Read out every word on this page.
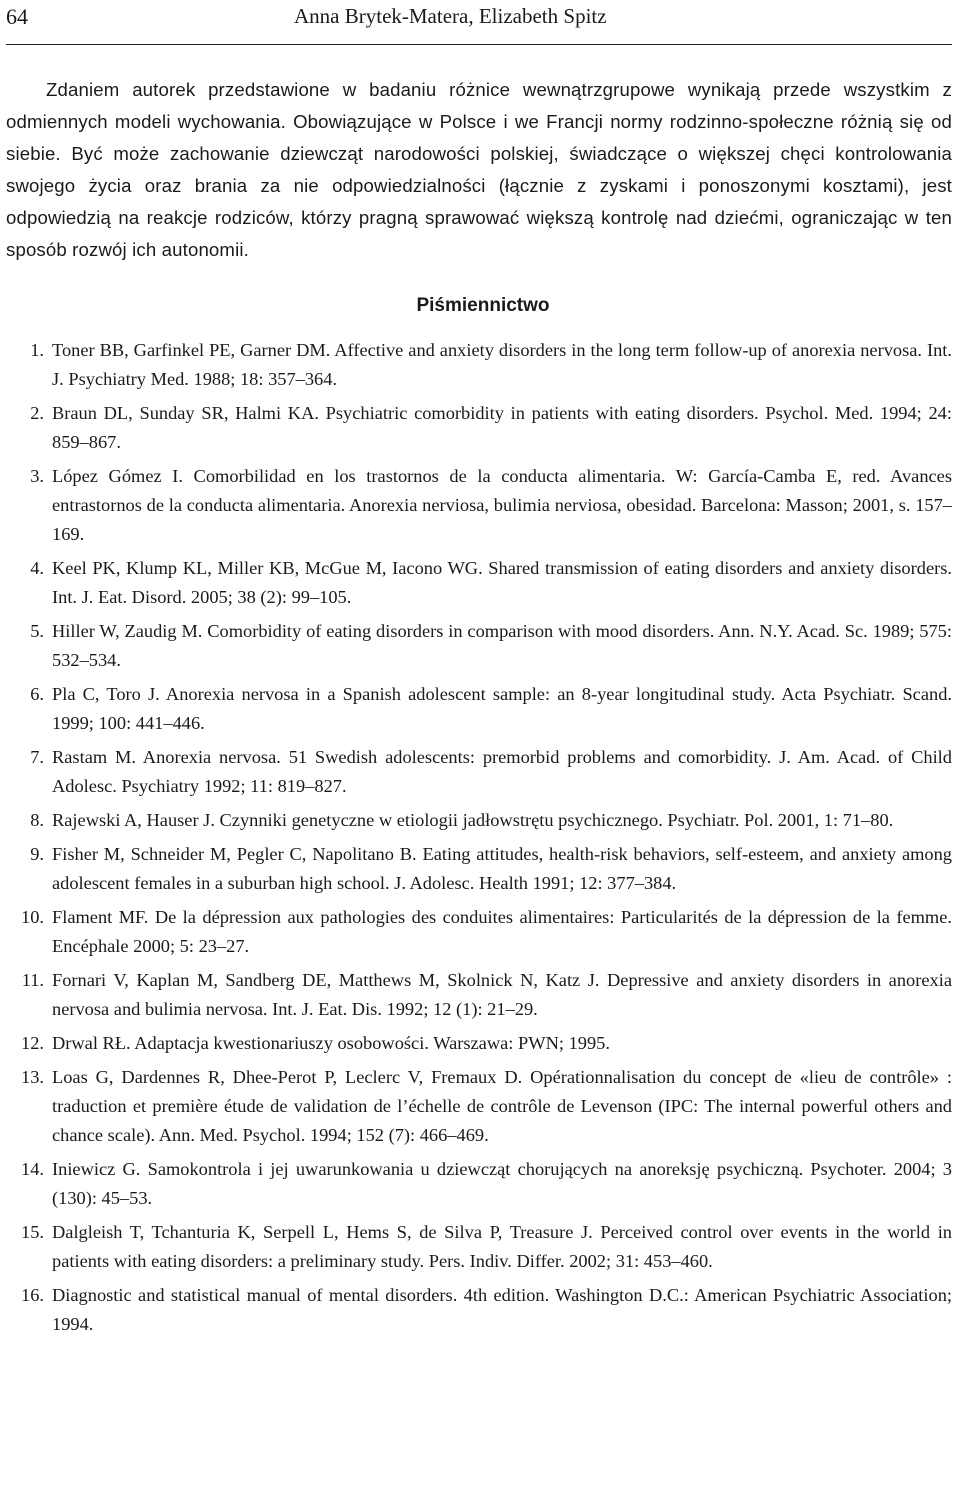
64	Anna Brytek-Matera, Elizabeth Spitz

Zdaniem autorek przedstawione w badaniu różnice wewnątrzgrupowe wynikają przede wszystkim z odmiennych modeli wychowania. Obowiązujące w Polsce i we Francji normy rodzinno-społeczne różnią się od siebie. Być może zachowanie dziewcząt narodowości polskiej, świadczące o większej chęci kontrolowania swojego życia oraz brania za nie odpowiedzialności (łącznie z zyskami i ponoszonymi kosztami), jest odpowiedzią na reakcje rodziców, którzy pragną sprawować większą kontrolę nad dziećmi, ograniczając w ten sposób rozwój ich autonomii.

Piśmiennictwo
1. Toner BB, Garfinkel PE, Garner DM. Affective and anxiety disorders in the long term follow-up of anorexia nervosa. Int. J. Psychiatry Med. 1988; 18: 357–364.
2. Braun DL, Sunday SR, Halmi KA. Psychiatric comorbidity in patients with eating disorders. Psychol. Med. 1994; 24: 859–867.
3. López Gómez I. Comorbilidad en los trastornos de la conducta alimentaria. W: García-Camba E, red. Avances entrastornos de la conducta alimentaria. Anorexia nerviosa, bulimia nerviosa, obesidad. Barcelona: Masson; 2001, s. 157–169.
4. Keel PK, Klump KL, Miller KB, McGue M, Iacono WG. Shared transmission of eating disorders and anxiety disorders. Int. J. Eat. Disord. 2005; 38 (2): 99–105.
5. Hiller W, Zaudig M. Comorbidity of eating disorders in comparison with mood disorders. Ann. N.Y. Acad. Sc. 1989; 575: 532–534.
6. Pla C, Toro J. Anorexia nervosa in a Spanish adolescent sample: an 8-year longitudinal study. Acta Psychiatr. Scand. 1999; 100: 441–446.
7. Rastam M. Anorexia nervosa. 51 Swedish adolescents: premorbid problems and comorbidity. J. Am. Acad. of Child Adolesc. Psychiatry 1992; 11: 819–827.
8. Rajewski A, Hauser J. Czynniki genetyczne w etiologii jadłowstrętu psychicznego. Psychiatr. Pol. 2001, 1: 71–80.
9. Fisher M, Schneider M, Pegler C, Napolitano B. Eating attitudes, health-risk behaviors, self-esteem, and anxiety among adolescent females in a suburban high school. J. Adolesc. Health 1991; 12: 377–384.
10. Flament MF. De la dépression aux pathologies des conduites alimentaires: Particularités de la dépression de la femme. Encéphale 2000; 5: 23–27.
11. Fornari V, Kaplan M, Sandberg DE, Matthews M, Skolnick N, Katz J. Depressive and anxiety disorders in anorexia nervosa and bulimia nervosa. Int. J. Eat. Dis. 1992; 12 (1): 21–29.
12. Drwal RŁ. Adaptacja kwestionariuszy osobowości. Warszawa: PWN; 1995.
13. Loas G, Dardennes R, Dhee-Perot P, Leclerc V, Fremaux D. Opérationnalisation du concept de «lieu de contrôle» : traduction et première étude de validation de l’échelle de contrôle de Levenson (IPC: The internal powerful others and chance scale). Ann. Med. Psychol. 1994; 152 (7): 466–469.
14. Iniewicz G. Samokontrola i jej uwarunkowania u dziewcząt chorujących na anoreksję psychiczną. Psychoter. 2004; 3 (130): 45–53.
15. Dalgleish T, Tchanturia K, Serpell L, Hems S, de Silva P, Treasure J. Perceived control over events in the world in patients with eating disorders: a preliminary study. Pers. Indiv. Differ. 2002; 31: 453–460.
16. Diagnostic and statistical manual of mental disorders. 4th edition. Washington D.C.: American Psychiatric Association; 1994.
